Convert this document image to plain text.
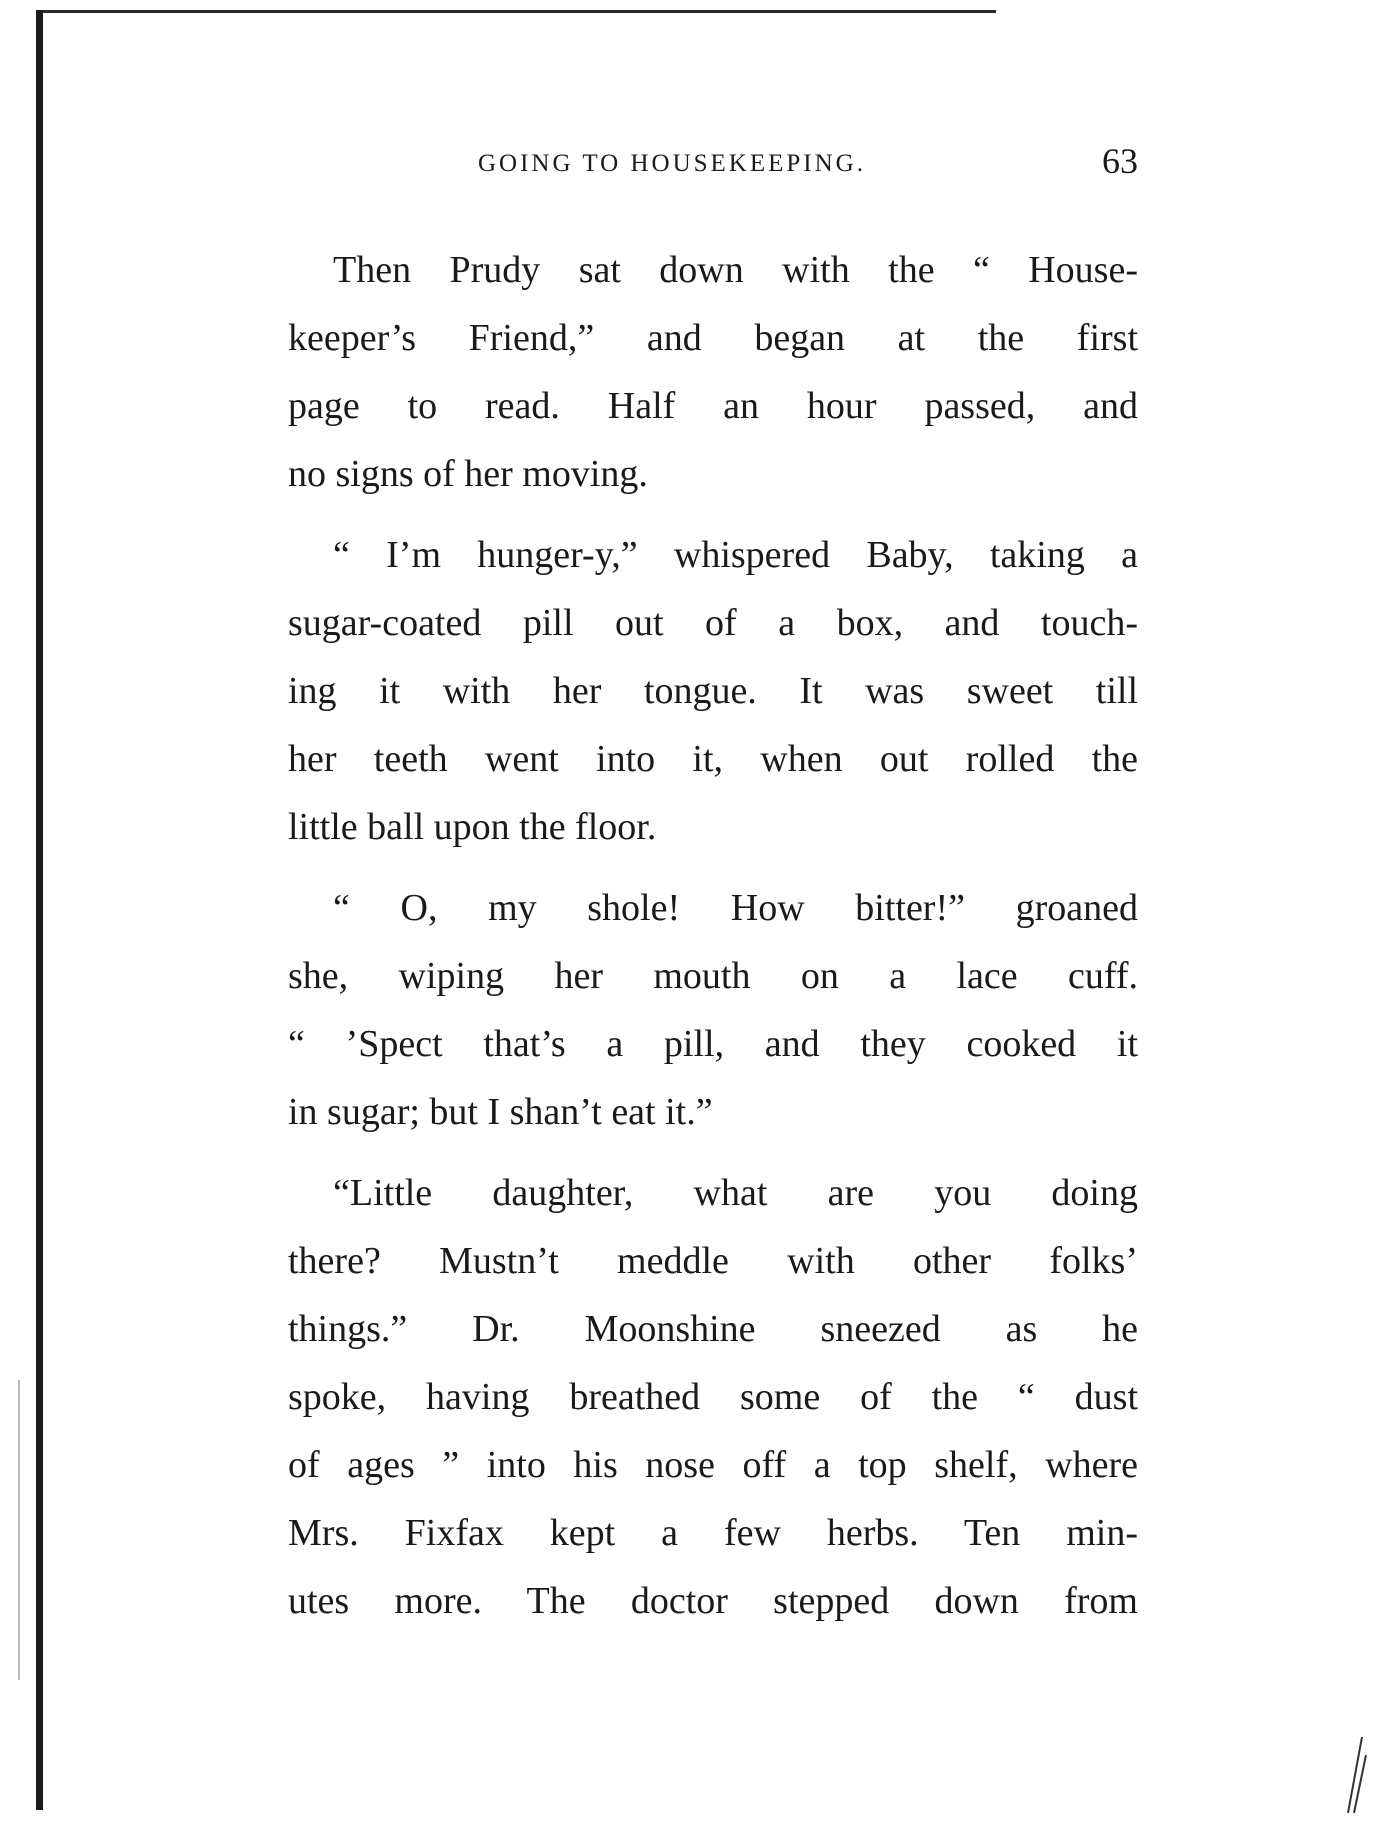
GOING TO HOUSEKEEPING.	63
Then Prudy sat down with the “ House-
keeper’s Friend,” and began at the first
page to read. Half an hour passed, and
no signs of her moving.
“ I’m hunger-y,” whispered Baby, taking a
sugar-coated pill out of a box, and touch-
ing it with her tongue. It was sweet till
her teeth went into it, when out rolled the
little ball upon the floor.
“ O, my shole! How bitter!” groaned
she, wiping her mouth on a lace cuff.
“ ’Spect that’s a pill, and they cooked it
in sugar; but I shan’t eat it.”
“Little daughter, what are you doing
there? Mustn’t meddle with other folks’
things.” Dr. Moonshine sneezed as he
spoke, having breathed some of the “ dust
of ages ” into his nose off a top shelf, where
Mrs. Fixfax kept a few herbs. Ten min-
utes more. The doctor stepped down from
